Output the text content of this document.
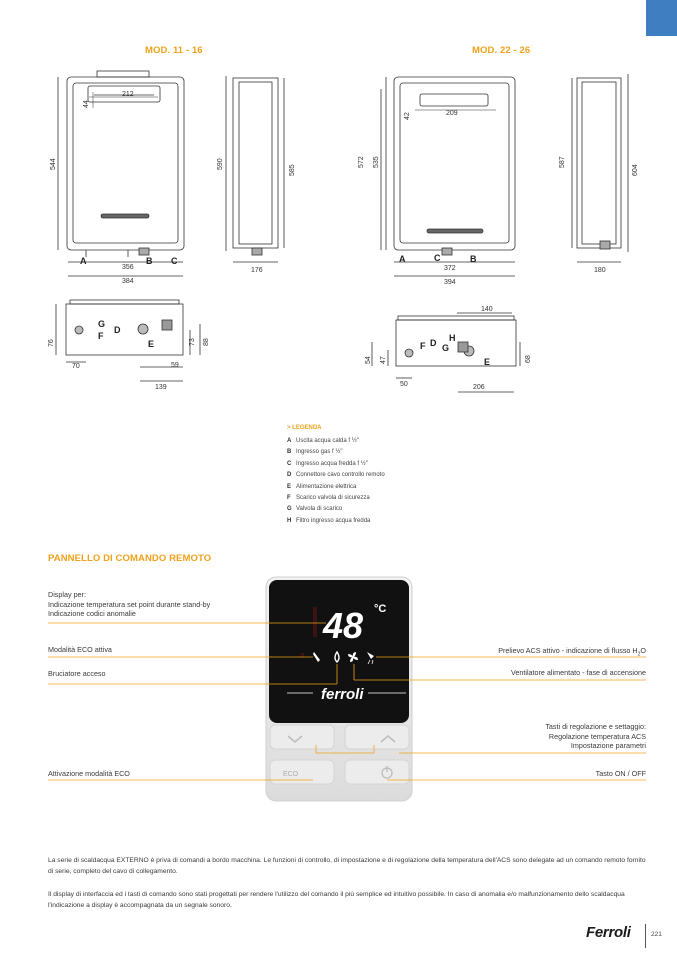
MOD. 11 - 16	MOD. 22 - 26
212
44
544
356
384
590
585
176
76
70
73 88
59
139
42	209
572 535
372
394
587
604
180
140
54 47	68
50	206
A	B C
G
F
D
E
A	C	B
D
F
H
G
E
> LEGENDA
A Uscita acqua calda f ½"
B Ingresso gas f ½"
C Ingresso acqua fredda f ½"
D Connettore cavo controllo remoto
E Alimentazione elettrica
F Scarico valvola di sicurezza
G Valvola di scarico
H Filtro ingresso acqua fredda
PANNELLO DI COMANDO REMOTO
48 °C
ferroli
ECO
Display per:
Indicazione temperatura set point durante stand-by
Indicazione codici anomalie
Modalità ECO attiva
Bruciatore acceso
Attivazione modalità ECO
Prelievo ACS attivo - indicazione di flusso $H_2O$
Ventilatore alimentato - fase di accensione
Tasti di regolazione e settaggio:
Regolazione temperatura ACS
Impostazione parametri
Tasto ON / OFF
La serie di scaldacqua EXTERNO è priva di comandi a bordo macchina. Le funzioni di controllo, di impostazione e di regolazione della temperatura dell'ACS sono delegate ad un comando remoto fornito di serie, completo del cavo di collegamento.
Il display di interfaccia ed i tasti di comando sono stati progettati per rendere l'utilizzo del comando il più semplice ed intuitivo possibile. In caso di anomalia e/o malfunzionamento dello scaldacqua l'indicazione a display è accompagnata da un segnale sonoro.
Ferroli	221
